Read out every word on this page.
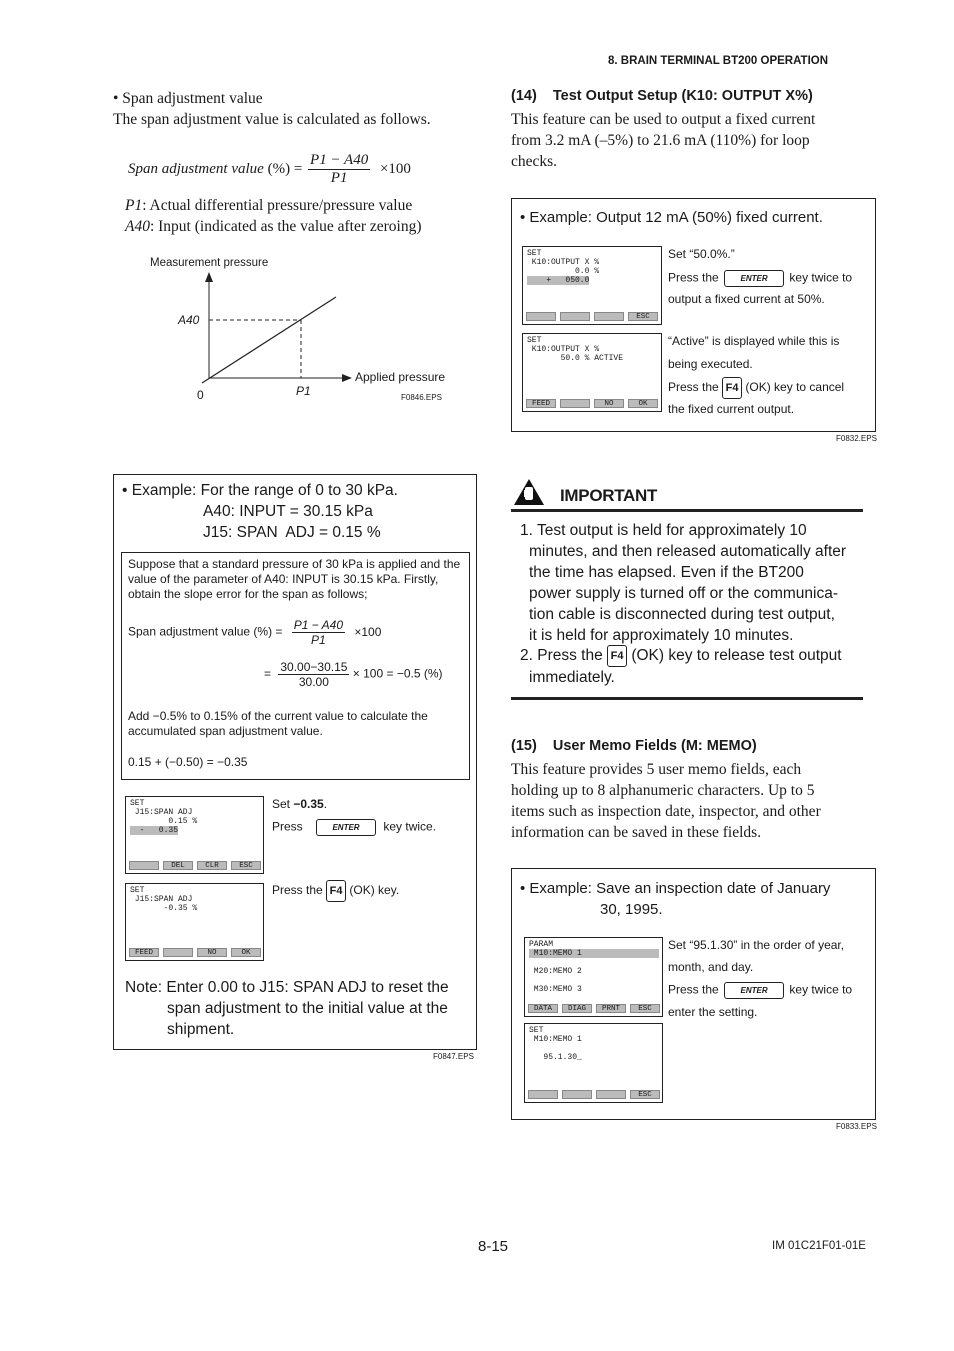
8. BRAIN TERMINAL BT200 OPERATION
• Span adjustment value
The span adjustment value is calculated as follows.
Span adjustment value (%) = $\frac{P1 - A40}{P1} \times 100$
P1: Actual differential pressure/pressure value
A40: Input (indicated as the value after zeroing)
Measurement pressure
A40
P1
0
Applied pressure
F0846.EPS
• Example: For the range of 0 to 30 kPa.
A40: INPUT = 30.15 kPa
J15: SPAN  ADJ = 0.15 %
Suppose that a standard pressure of 30 kPa is applied and the value of the parameter of A40: INPUT is 30.15 kPa. Firstly, obtain the slope error for the span as follows;
Span adjustment value (%) = $\frac{P1 - A40}{P1} \times 100$
= $\frac{30.00-30.15}{30.00} \times 100 = -0.5$ (%)
Add −0.5% to 0.15% of the current value to calculate the accumulated span adjustment value.
0.15 + (−0.50) = −0.35
SET
J15:SPAN ADJ
0.15 %
-   0.35
DEL	CLR	ESC
SET
J15:SPAN ADJ
-0.35 %
FEED	NO	OK
Set −0.35.
Press	ENTER key twice.
Press the F4 (OK) key.
Note: Enter 0.00 to J15: SPAN ADJ to reset the
span adjustment to the initial value at the
shipment.
F0847.EPS
(14)    Test Output Setup (K10: OUTPUT X%)
This feature can be used to output a fixed current
from 3.2 mA (–5%) to 21.6 mA (110%) for loop
checks.
• Example: Output 12 mA (50%) fixed current.
SET
K10:OUTPUT X %
0.0 %
+   050.0
ESC
SET
K10:OUTPUT X %
50.0 % ACTIVE
FEED	NO	OK
Set “50.0%.”
Press the	ENTER key twice to
output a fixed current at 50%.
“Active” is displayed while this is
being executed.
Press the F4 (OK) key to cancel
the fixed current output.
F0832.EPS
IMPORTANT
1. Test output is held for approximately 10
minutes, and then released automatically after
the time has elapsed. Even if the BT200
power supply is turned off or the communica-
tion cable is disconnected during test output,
it is held for approximately 10 minutes.
2. Press the F4 (OK) key to release test output
immediately.
(15)    User Memo Fields (M: MEMO)
This feature provides 5 user memo fields, each
holding up to 8 alphanumeric characters. Up to 5
items such as inspection date, inspector, and other
information can be saved in these fields.
• Example: Save an inspection date of January
30, 1995.
PARAM
M10:MEMO 1
M20:MEMO 2
M30:MEMO 3
DATA	DIAG	PRNT	ESC
SET
M10:MEMO 1
95.1.30_
ESC
Set “95.1.30” in the order of year,
month, and day.
Press the	ENTER key twice to
enter the setting.
F0833.EPS
8-15	IM 01C21F01-01E
